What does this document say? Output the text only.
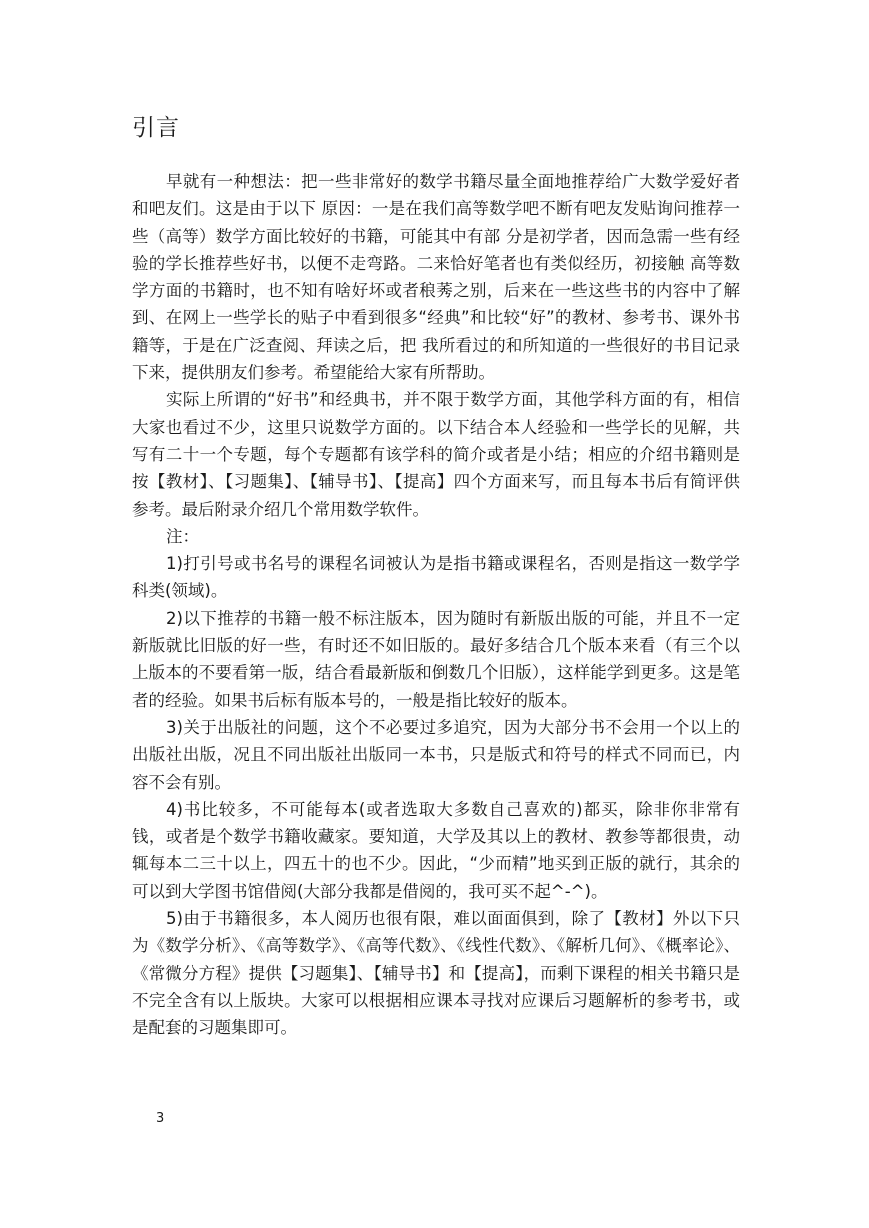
引言

早就有一种想法：把一些非常好的数学书籍尽量全面地推荐给广大数学爱好者和吧友们。这是由于以下 原因：一是在我们高等数学吧不断有吧友发贴询问推荐一些（高等）数学方面比较好的书籍，可能其中有部 分是初学者，因而急需一些有经验的学长推荐些好书，以便不走弯路。二来恰好笔者也有类似经历，初接触 高等数学方面的书籍时，也不知有啥好坏或者稂莠之别，后来在一些这些书的内容中了解到、在网上一些学长的贴子中看到很多“经典”和比较“好”的教材、参考书、课外书籍等，于是在广泛查阅、拜读之后，把 我所看过的和所知道的一些很好的书目记录下来，提供朋友们参考。希望能给大家有所帮助。

实际上所谓的“好书”和经典书，并不限于数学方面，其他学科方面的有，相信大家也看过不少，这里只说数学方面的。以下结合本人经验和一些学长的见解，共写有二十一个专题，每个专题都有该学科的简介或者是小结；相应的介绍书籍则是按【教材】、【习题集】、【辅导书】、【提高】四个方面来写，而且每本书后有简评供参考。最后附录介绍几个常用数学软件。

注：

1)打引号或书名号的课程名词被认为是指书籍或课程名，否则是指这一数学学科类(领域)。

2)以下推荐的书籍一般不标注版本，因为随时有新版出版的可能，并且不一定新版就比旧版的好一些，有时还不如旧版的。最好多结合几个版本来看（有三个以上版本的不要看第一版，结合看最新版和倒数几个旧版），这样能学到更多。这是笔者的经验。如果书后标有版本号的，一般是指比较好的版本。

3)关于出版社的问题，这个不必要过多追究，因为大部分书不会用一个以上的出版社出版，况且不同出版社出版同一本书，只是版式和符号的样式不同而已，内容不会有别。

4)书比较多，不可能每本(或者选取大多数自己喜欢的)都买，除非你非常有钱，或者是个数学书籍收藏家。要知道，大学及其以上的教材、教参等都很贵，动辄每本二三十以上，四五十的也不少。因此，“少而精”地买到正版的就行，其余的可以到大学图书馆借阅(大部分我都是借阅的，我可买不起^-^)。

5)由于书籍很多，本人阅历也很有限，难以面面俱到，除了【教材】外以下只为《数学分析》、《高等数学》、《高等代数》、《线性代数》、《解析几何》、《概率论》、《常微分方程》提供【习题集】、【辅导书】和【提高】，而剩下课程的相关书籍只是不完全含有以上版块。大家可以根据相应课本寻找对应课后习题解析的参考书，或是配套的习题集即可。

3
